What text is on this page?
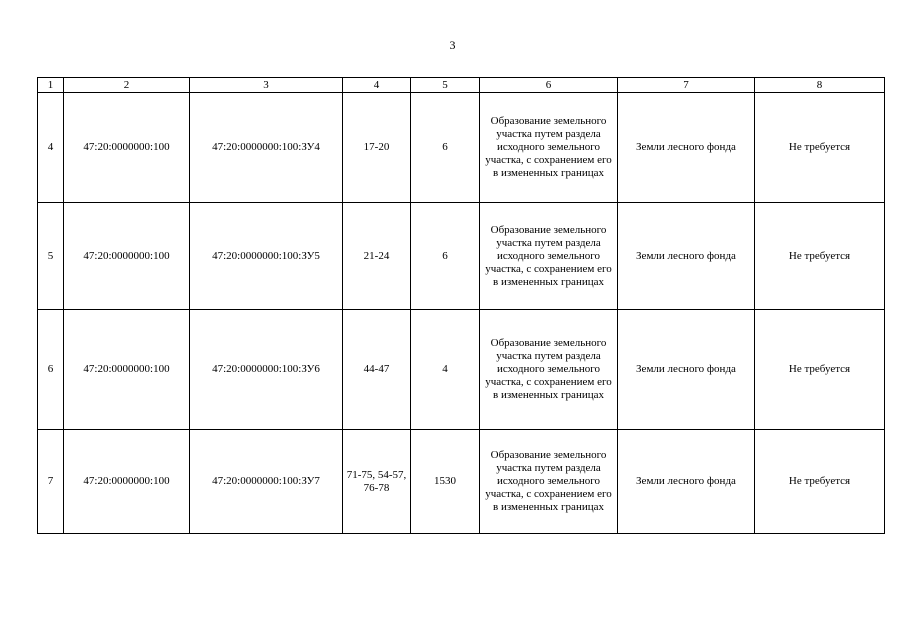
3
1	2	3	4	5	6	7	8
4	47:20:0000000:100	47:20:0000000:100:ЗУ4	17-20	6	Образование земельного участка путем раздела исходного земельного участка, с сохранением его в измененных границах	Земли лесного фонда	Не требуется
5	47:20:0000000:100	47:20:0000000:100:ЗУ5	21-24	6	Образование земельного участка путем раздела исходного земельного участка, с сохранением его в измененных границах	Земли лесного фонда	Не требуется
6	47:20:0000000:100	47:20:0000000:100:ЗУ6	44-47	4	Образование земельного участка путем раздела исходного земельного участка, с сохранением его в измененных границах	Земли лесного фонда	Не требуется
7	47:20:0000000:100	47:20:0000000:100:ЗУ7	71-75, 54-57, 76-78	1530	Образование земельного участка путем раздела исходного земельного участка, с сохранением его в измененных границах	Земли лесного фонда	Не требуется
